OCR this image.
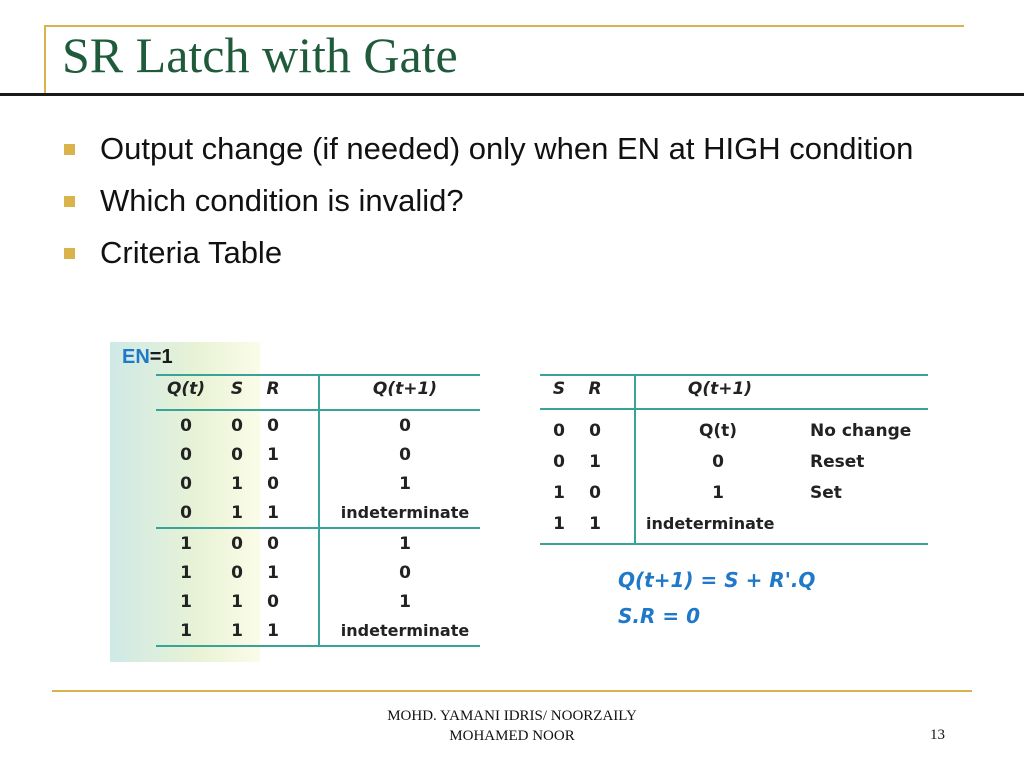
SR Latch with Gate
Output change (if needed) only when EN at HIGH condition
Which condition is invalid?
Criteria Table
EN=1
Q(t) S R	Q(t+1)
0	0 0	0
0	0 1	0
0	1 0	1
0	1 1	indeterminate
1	0 0	1
1	0 1	0
1	1 0	1
1	1 1	indeterminate
S R	Q(t+1)
0 0	Q(t)	No change
0 1	0	Reset
1 0	1	Set
1 1	indeterminate
Q(t+1) = S + R'.Q
S.R = 0
MOHD. YAMANI IDRIS/ NOORZAILY
MOHAMED NOOR	13
